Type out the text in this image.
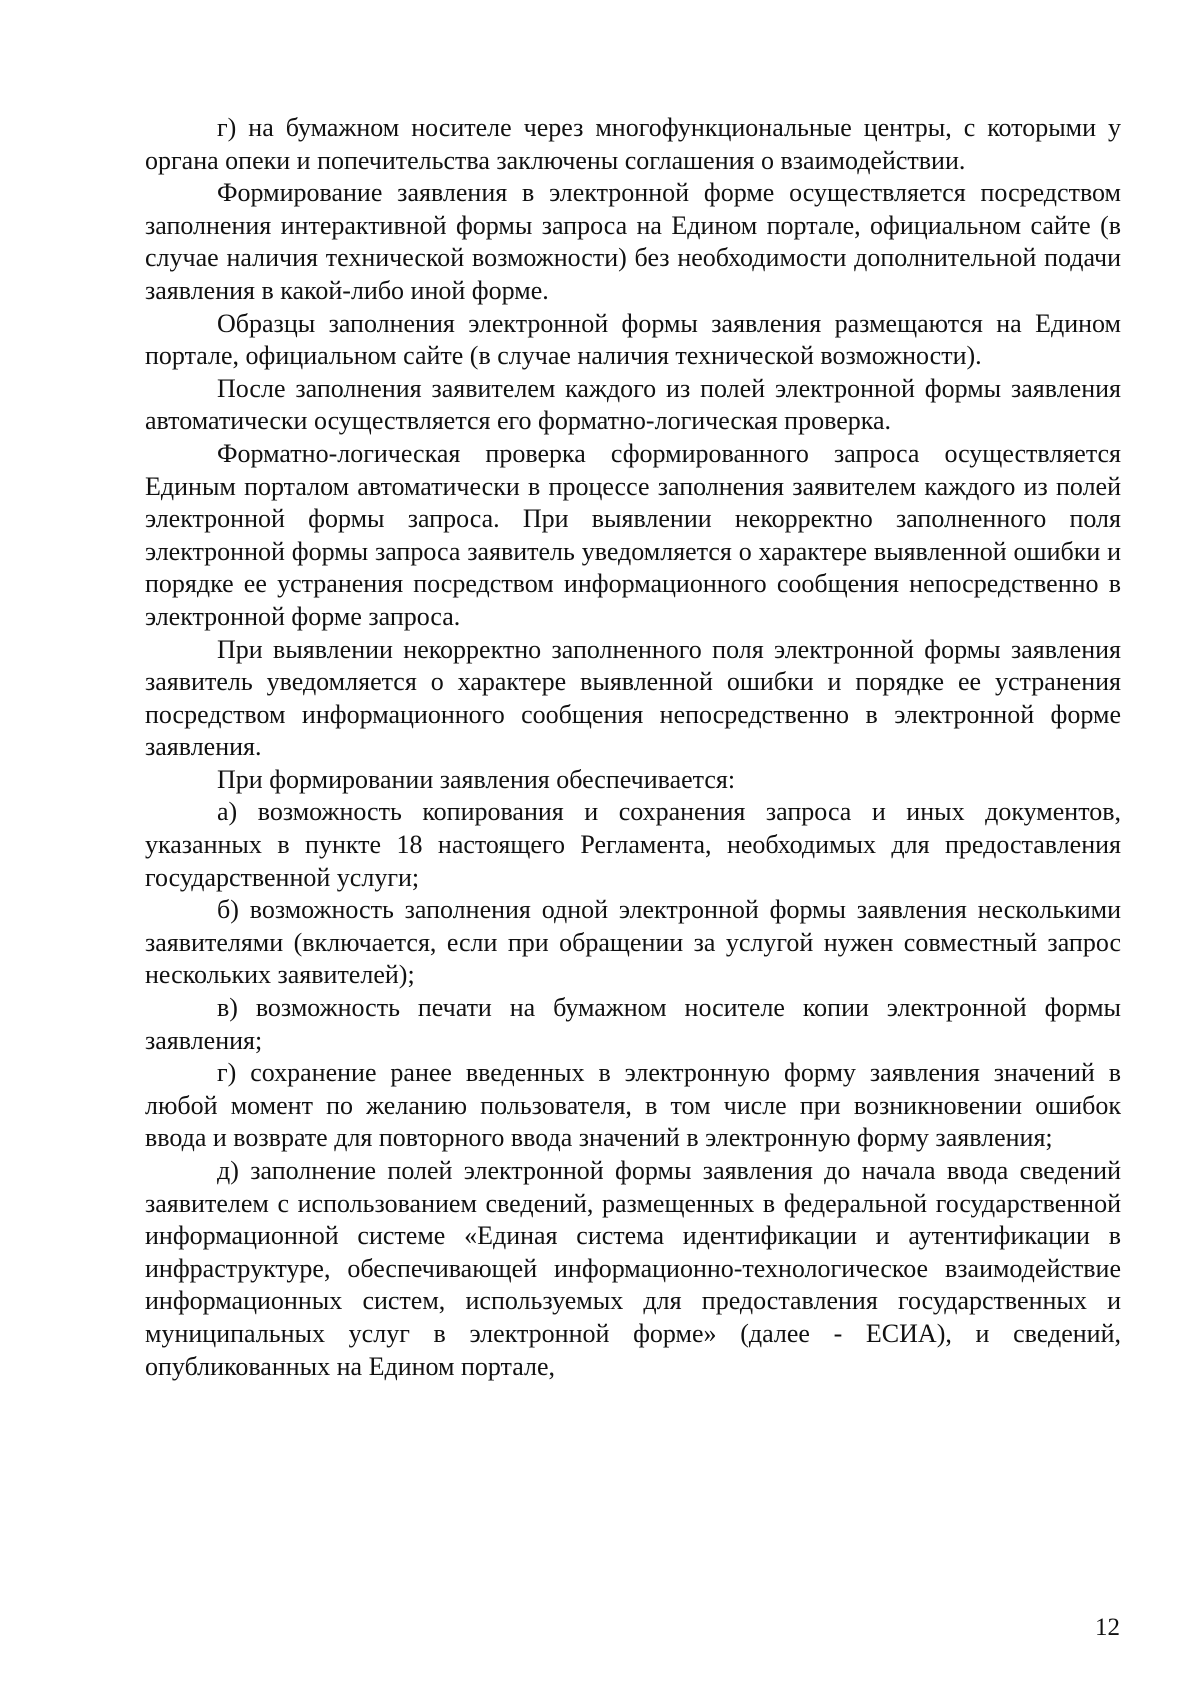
г) на бумажном носителе через многофункциональные центры, с которыми у органа опеки и попечительства заключены соглашения о взаимодействии.

Формирование заявления в электронной форме осуществляется посредством заполнения интерактивной формы запроса на Едином портале, официальном сайте (в случае наличия технической возможности) без необходимости дополнительной подачи заявления в какой-либо иной форме.

Образцы заполнения электронной формы заявления размещаются на Едином портале, официальном сайте (в случае наличия технической возможности).

После заполнения заявителем каждого из полей электронной формы заявления автоматически осуществляется его форматно-логическая проверка.

Форматно-логическая проверка сформированного запроса осуществляется Единым порталом автоматически в процессе заполнения заявителем каждого из полей электронной формы запроса. При выявлении некорректно заполненного поля электронной формы запроса заявитель уведомляется о характере выявленной ошибки и порядке ее устранения посредством информационного сообщения непосредственно в электронной форме запроса.

При выявлении некорректно заполненного поля электронной формы заявления заявитель уведомляется о характере выявленной ошибки и порядке ее устранения посредством информационного сообщения непосредственно в электронной форме заявления.

При формировании заявления обеспечивается:

а) возможность копирования и сохранения запроса и иных документов, указанных в пункте 18 настоящего Регламента, необходимых для предоставления государственной услуги;

б) возможность заполнения одной электронной формы заявления несколькими заявителями (включается, если при обращении за услугой нужен совместный запрос нескольких заявителей);

в) возможность печати на бумажном носителе копии электронной формы заявления;

г) сохранение ранее введенных в электронную форму заявления значений в любой момент по желанию пользователя, в том числе при возникновении ошибок ввода и возврате для повторного ввода значений в электронную форму заявления;

д) заполнение полей электронной формы заявления до начала ввода сведений заявителем с использованием сведений, размещенных в федеральной государственной информационной системе «Единая система идентификации и аутентификации в инфраструктуре, обеспечивающей информационно-технологическое взаимодействие информационных систем, используемых для предоставления государственных и муниципальных услуг в электронной форме» (далее - ЕСИА), и сведений, опубликованных на Едином портале,

12
